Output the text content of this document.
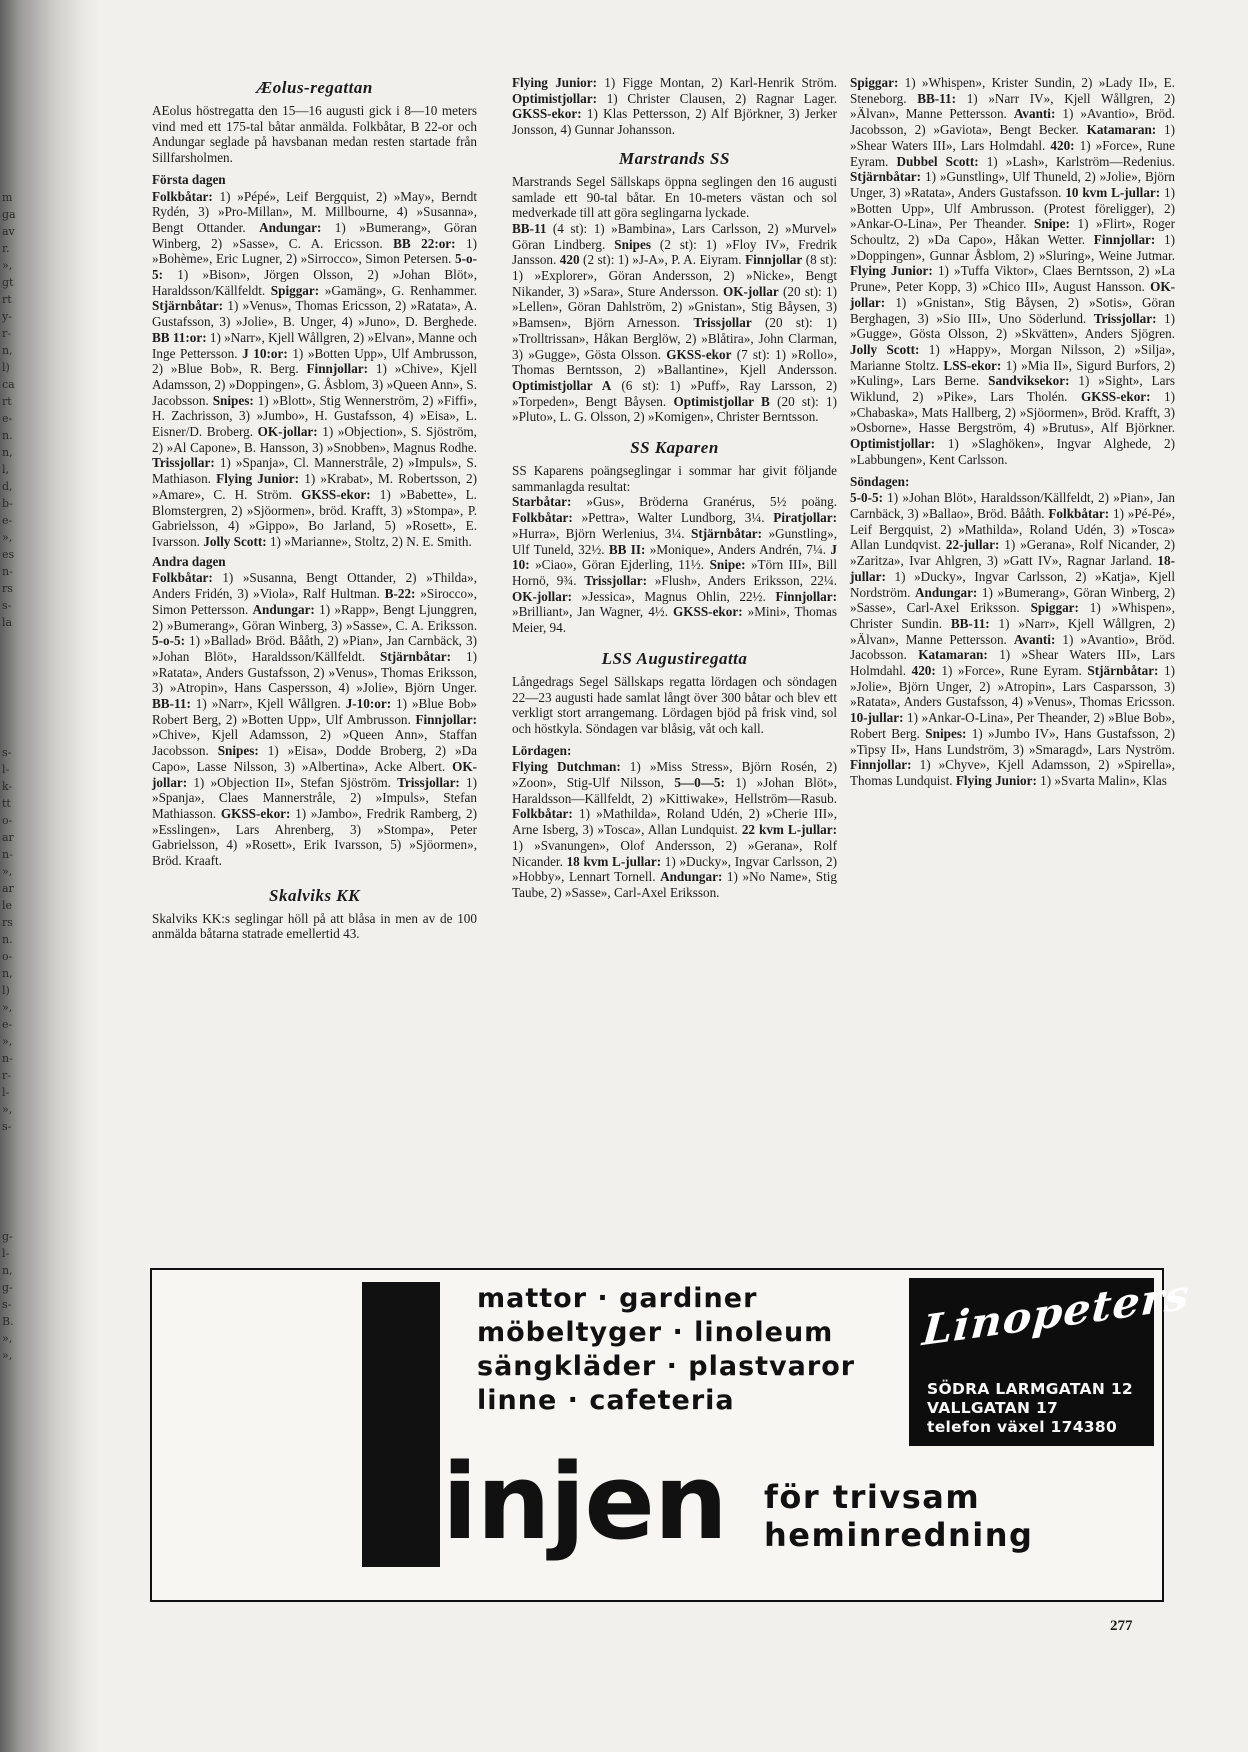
m
ga
av
r.
»,
gt
rt
y-
r-
n,
l)
ca
rt
e-
n.
n,
l,
d,
b-
e-
»,
es
n-
rs
s-
la
s-
l-
k-
tt
o-
ar
n-
»,
ar
le
rs
n.
o-
n,
l)
»,
e-
»,
n-
r-
l-
»,
s-
g-
l-
n,
g-
s-
B.
»,
»,
Æolus-regattan

AEolus höstregatta den 15—16 augusti gick i 8—10 meters vind med ett 175-tal båtar anmälda. Folkbåtar, B 22-or och Andungar seglade på havsbanan medan resten startade från Sillfarsholmen.

Första dagen

Folkbåtar: 1) »Pépé», Leif Bergquist, 2) »May», Berndt Rydén, 3) »Pro-Millan», M. Millbourne, 4) »Susanna», Bengt Ottander. Andungar: 1) »Bumerang», Göran Winberg, 2) »Sasse», C. A. Ericsson. BB 22:or: 1) »Bohème», Eric Lugner, 2) »Sirrocco», Simon Petersen. 5-o-5: 1) »Bison», Jörgen Olsson, 2) »Johan Blöt», Haraldsson/Källfeldt. Spiggar: »Gamäng», G. Renhammer. Stjärnbåtar: 1) »Venus», Thomas Ericsson, 2) »Ratata», A. Gustafsson, 3) »Jolie», B. Unger, 4) »Juno», D. Berghede. BB 11:or: 1) »Narr», Kjell Wållgren, 2) »Elvan», Manne och Inge Pettersson. J 10:or: 1) »Botten Upp», Ulf Ambrusson, 2) »Blue Bob», R. Berg. Finnjollar: 1) »Chive», Kjell Adamsson, 2) »Doppingen», G. Åsblom, 3) »Queen Ann», S. Jacobsson. Snipes: 1) »Blott», Stig Wennerström, 2) »Fiffi», H. Zachrisson, 3) »Jumbo», H. Gustafsson, 4) »Eisa», L. Eisner/D. Broberg. OK-jollar: 1) »Objection», S. Sjöström, 2) »Al Capone», B. Hansson, 3) »Snobben», Magnus Rodhe. Trissjollar: 1) »Spanja», Cl. Mannerstråle, 2) »Impuls», S. Mathiason. Flying Junior: 1) »Krabat», M. Robertsson, 2) »Amare», C. H. Ström. GKSS-ekor: 1) »Babette», L. Blomstergren, 2) »Sjöormen», bröd. Krafft, 3) »Stompa», P. Gabrielsson, 4) »Gippo», Bo Jarland, 5) »Rosett», E. Ivarsson. Jolly Scott: 1) »Marianne», Stoltz, 2) N. E. Smith.

Andra dagen

Folkbåtar: 1) »Susanna, Bengt Ottander, 2) »Thilda», Anders Fridén, 3) »Viola», Ralf Hultman. B-22: »Sirocco», Simon Pettersson. Andungar: 1) »Rapp», Bengt Ljunggren, 2) »Bumerang», Göran Winberg, 3) »Sasse», C. A. Eriksson. 5-o-5: 1) »Ballad» Bröd. Bååth, 2) »Pian», Jan Carnbäck, 3) »Johan Blöt», Haraldsson/Källfeldt. Stjärnbåtar: 1) »Ratata», Anders Gustafsson, 2) »Venus», Thomas Eriksson, 3) »Atropin», Hans Caspersson, 4) »Jolie», Björn Unger. BB-11: 1) »Narr», Kjell Wållgren. J-10:or: 1) »Blue Bob» Robert Berg, 2) »Botten Upp», Ulf Ambrusson. Finnjollar: »Chive», Kjell Adamsson, 2) »Queen Ann», Staffan Jacobsson. Snipes: 1) »Eisa», Dodde Broberg, 2) »Da Capo», Lasse Nilsson, 3) »Albertina», Acke Albert. OK-jollar: 1) »Objection II», Stefan Sjöström. Trissjollar: 1) »Spanja», Claes Mannerstråle, 2) »Impuls», Stefan Mathiasson. GKSS-ekor: 1) »Jambo», Fredrik Ramberg, 2) »Esslingen», Lars Ahrenberg, 3) »Stompa», Peter Gabrielsson, 4) »Rosett», Erik Ivarsson, 5) »Sjöormen», Bröd. Kraaft.

Skalviks KK

Skalviks KK:s seglingar höll på att blåsa in men av de 100 anmälda båtarna statrade emellertid 43.

Flying Junior: 1) Figge Montan, 2) Karl-Henrik Ström. Optimistjollar: 1) Christer Clausen, 2) Ragnar Lager. GKSS-ekor: 1) Klas Pettersson, 2) Alf Björkner, 3) Jerker Jonsson, 4) Gunnar Johansson.

Marstrands SS

Marstrands Segel Sällskaps öppna seglingen den 16 augusti samlade ett 90-tal båtar. En 10-meters västan och sol medverkade till att göra seglingarna lyckade.

BB-11 (4 st): 1) »Bambina», Lars Carlsson, 2) »Murvel» Göran Lindberg. Snipes (2 st): 1) »Floy IV», Fredrik Jansson. 420 (2 st): 1) »J-A», P. A. Eiyram. Finnjollar (8 st): 1) »Explorer», Göran Andersson, 2) »Nicke», Bengt Nikander, 3) »Sara», Sture Andersson. OK-jollar (20 st): 1) »Lellen», Göran Dahlström, 2) »Gnistan», Stig Båysen, 3) »Bamsen», Björn Arnesson. Trissjollar (20 st): 1) »Trolltrissan», Håkan Berglöw, 2) »Blåtira», John Clarman, 3) »Gugge», Gösta Olsson. GKSS-ekor (7 st): 1) »Rollo», Thomas Berntsson, 2) »Ballantine», Kjell Andersson. Optimistjollar A (6 st): 1) »Puff», Ray Larsson, 2) »Torpeden», Bengt Båysen. Optimistjollar B (20 st): 1) »Pluto», L. G. Olsson, 2) »Komigen», Christer Berntsson.

SS Kaparen

SS Kaparens poängseglingar i sommar har givit följande sammanlagda resultat:

Starbåtar: »Gus», Bröderna Granérus, 5½ poäng. Folkbåtar: »Pettra», Walter Lundborg, 3¼. Piratjollar: »Hurra», Björn Werlenius, 3¼. Stjärnbåtar: »Gunstling», Ulf Tuneld, 32½. BB II: »Monique», Anders Andrén, 7¼. J 10: »Ciao», Göran Ejderling, 11½. Snipe: »Törn III», Bill Hornö, 9¾. Trissjollar: »Flush», Anders Eriksson, 22¼. OK-jollar: »Jessica», Magnus Ohlin, 22½. Finnjollar: »Brilliant», Jan Wagner, 4½. GKSS-ekor: »Mini», Thomas Meier, 94.

LSS Augustiregatta

Långedrags Segel Sällskaps regatta lördagen och söndagen 22—23 augusti hade samlat långt över 300 båtar och blev ett verkligt stort arrangemang. Lördagen bjöd på frisk vind, sol och höstkyla. Söndagen var blåsig, våt och kall.

Lördagen:

Flying Dutchman: 1) »Miss Stress», Björn Rosén, 2) »Zoon», Stig-Ulf Nilsson, 5—0—5: 1) »Johan Blöt», Haraldsson—Källfeldt, 2) »Kittiwake», Hellström—Rasub. Folkbåtar: 1) »Mathilda», Roland Udén, 2) »Cherie III», Arne Isberg, 3) »Tosca», Allan Lundquist. 22 kvm L-jullar: 1) »Svanungen», Olof Andersson, 2) »Gerana», Rolf Nicander. 18 kvm L-jullar: 1) »Ducky», Ingvar Carlsson, 2) »Hobby», Lennart Tornell. Andungar: 1) »No Name», Stig Taube, 2) »Sasse», Carl-Axel Eriksson.

Spiggar: 1) »Whispen», Krister Sundin, 2) »Lady II», E. Steneborg. BB-11: 1) »Narr IV», Kjell Wållgren, 2) »Älvan», Manne Pettersson. Avanti: 1) »Avantio», Bröd. Jacobsson, 2) »Gaviota», Bengt Becker. Katamaran: 1) »Shear Waters III», Lars Holmdahl. 420: 1) »Force», Rune Eyram. Dubbel Scott: 1) »Lash», Karlström—Redenius. Stjärnbåtar: 1) »Gunstling», Ulf Thuneld, 2) »Jolie», Björn Unger, 3) »Ratata», Anders Gustafsson. 10 kvm L-jullar: 1) »Botten Upp», Ulf Ambrusson. (Protest föreligger), 2) »Ankar-O-Lina», Per Theander. Snipe: 1) »Flirt», Roger Schoultz, 2) »Da Capo», Håkan Wetter. Finnjollar: 1) »Doppingen», Gunnar Åsblom, 2) »Sluring», Weine Jutmar. Flying Junior: 1) »Tuffa Viktor», Claes Berntsson, 2) »La Prune», Peter Kopp, 3) »Chico III», August Hansson. OK-jollar: 1) »Gnistan», Stig Båysen, 2) »Sotis», Göran Berghagen, 3) »Sio III», Uno Söderlund. Trissjollar: 1) »Gugge», Gösta Olsson, 2) »Skvätten», Anders Sjögren. Jolly Scott: 1) »Happy», Morgan Nilsson, 2) »Silja», Marianne Stoltz. LSS-ekor: 1) »Mia II», Sigurd Burfors, 2) »Kuling», Lars Berne. Sandviksekor: 1) »Sight», Lars Wiklund, 2) »Pike», Lars Tholén. GKSS-ekor: 1) »Chabaska», Mats Hallberg, 2) »Sjöormen», Bröd. Krafft, 3) »Osborne», Hasse Bergström, 4) »Brutus», Alf Björkner. Optimistjollar: 1) »Slaghöken», Ingvar Alghede, 2) »Labbungen», Kent Carlsson.

Söndagen:

5-0-5: 1) »Johan Blöt», Haraldsson/Källfeldt, 2) »Pian», Jan Carnbäck, 3) »Ballao», Bröd. Bååth. Folkbåtar: 1) »Pé-Pé», Leif Bergquist, 2) »Mathilda», Roland Udén, 3) »Tosca» Allan Lundqvist. 22-jullar: 1) »Gerana», Rolf Nicander, 2) »Zaritza», Ivar Ahlgren, 3) »Gatt IV», Ragnar Jarland. 18-jullar: 1) »Ducky», Ingvar Carlsson, 2) »Katja», Kjell Nordström. Andungar: 1) »Bumerang», Göran Winberg, 2) »Sasse», Carl-Axel Eriksson. Spiggar: 1) »Whispen», Christer Sundin. BB-11: 1) »Narr», Kjell Wållgren, 2) »Älvan», Manne Pettersson. Avanti: 1) »Avantio», Bröd. Jacobsson. Katamaran: 1) »Shear Waters III», Lars Holmdahl. 420: 1) »Force», Rune Eyram. Stjärnbåtar: 1) »Jolie», Björn Unger, 2) »Atropin», Lars Casparsson, 3) »Ratata», Anders Gustafsson, 4) »Venus», Thomas Ericsson. 10-jullar: 1) »Ankar-O-Lina», Per Theander, 2) »Blue Bob», Robert Berg. Snipes: 1) »Jumbo IV», Hans Gustafsson, 2) »Tipsy II», Hans Lundström, 3) »Smaragd», Lars Nyström. Finnjollar: 1) »Chyve», Kjell Adamsson, 2) »Spirella», Thomas Lundquist. Flying Junior: 1) »Svarta Malin», Klas

mattor · gardiner
möbeltyger · linoleum
sängkläder · plastvaror
linne · cafeteria
injen för trivsam
heminredning
Linopeters
SÖDRA LARMGATAN 12
VALLGATAN 17
telefon växel 174380
277
